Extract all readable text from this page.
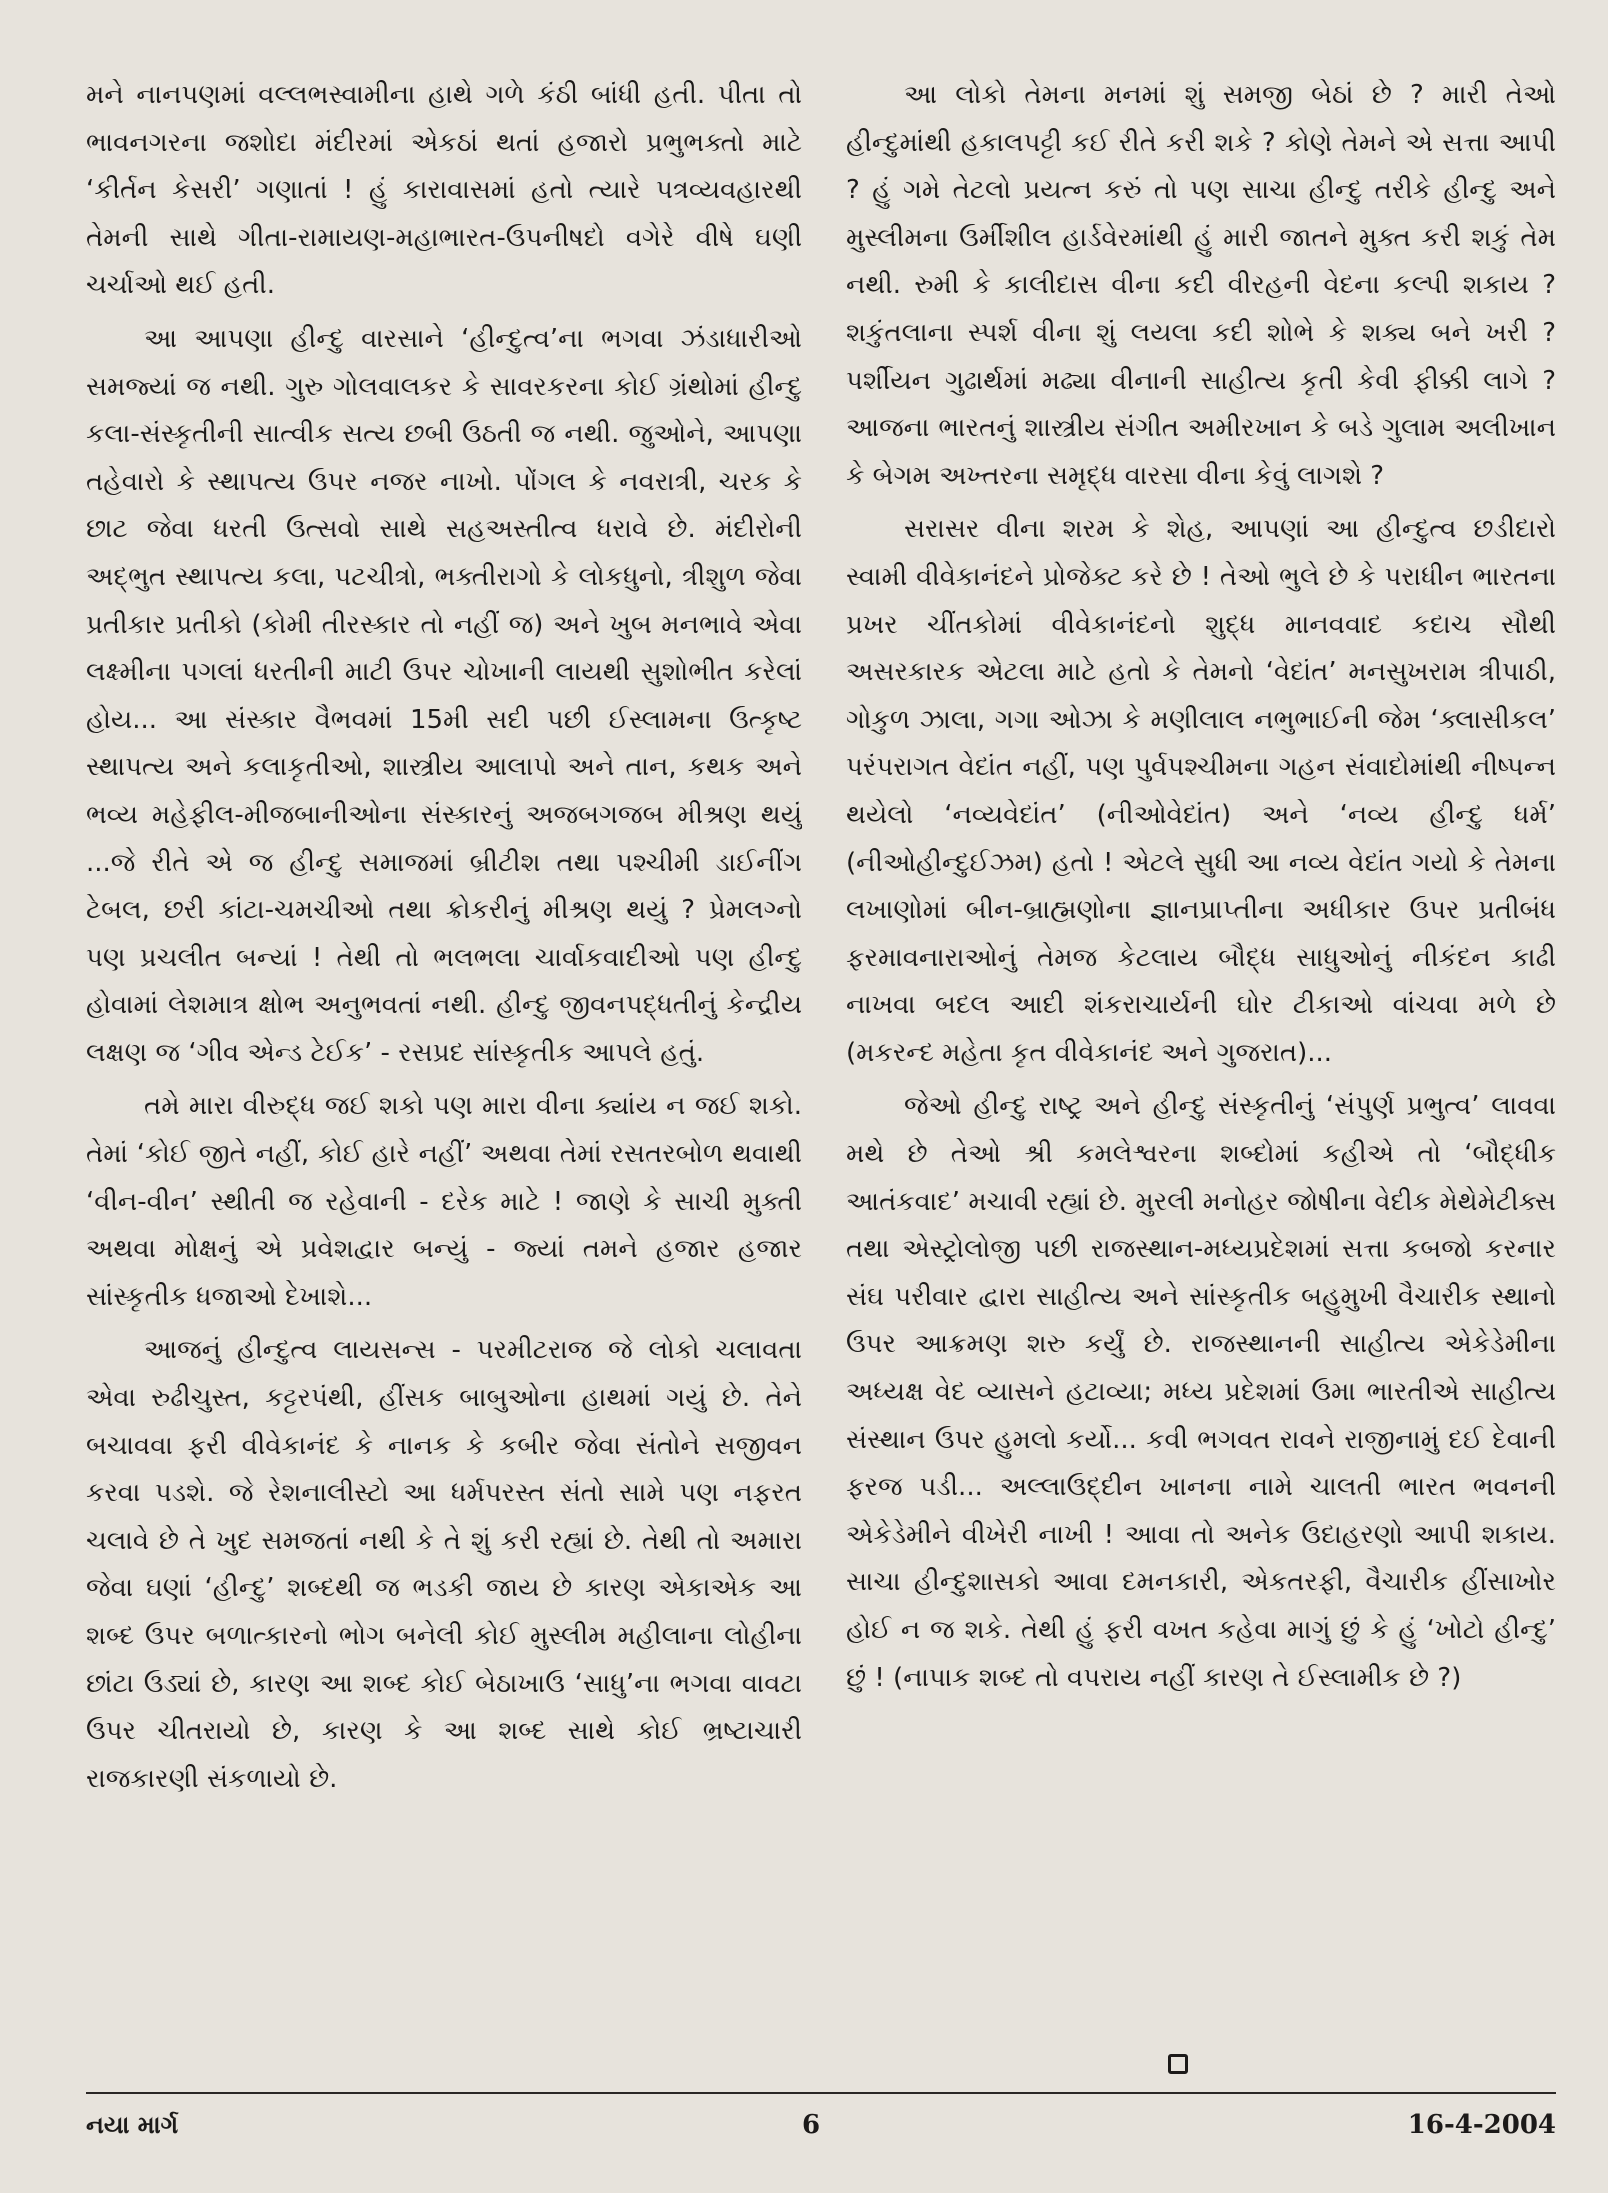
મને નાનપણમાં વલ્લભસ્વામીના હાથે ગળે કંઠી બાંધી હતી. પીતા તો ભાવનગરના જશોદા મંદીરમાં એકઠાં થતાં હજારો પ્રભુભક્તો માટે ‘કીર્તન કેસરી’ ગણાતાં ! હું કારાવાસમાં હતો ત્યારે પત્રવ્યવહારથી તેમની સાથે ગીતા-રામાયણ-મહાભારત-ઉપનીષદો વગેરે વીષે ઘણી ચર્ચાઓ થઈ હતી.

આ આપણા હીન્દુ વારસાને ‘હીન્દુત્વ’ના ભગવા ઝંડાધારીઓ સમજ્યાં જ નથી. ગુરુ ગોલવાલકર કે સાવરકરના કોઈ ગ્રંથોમાં હીન્દુ કલા-સંસ્કૃતીની સાત્વીક સત્ય છબી ઉઠતી જ નથી. જુઓને, આપણા તહેવારો કે સ્થાપત્ય ઉપર નજર નાખો. પોંગલ કે નવરાત્રી, ચરક કે છાટ જેવા ધરતી ઉત્સવો સાથે સહઅસ્તીત્વ ધરાવે છે. મંદીરોની અદ્‌ભુત સ્થાપત્ય કલા, પટચીત્રો, ભક્તીરાગો કે લોકધુનો, ત્રીશુળ જેવા પ્રતીકાર પ્રતીકો (કોમી તીરસ્કાર તો નહીં જ) અને ખુબ મનભાવે એવા લક્ષ્મીના પગલાં ધરતીની માટી ઉપર ચોખાની લાયથી સુશોભીત કરેલાં હોય... આ સંસ્કાર વૈભવમાં 15મી સદી પછી ઈસ્લામના ઉત્કૃષ્ટ સ્થાપત્ય અને કલાકૃતીઓ, શાસ્ત્રીય આલાપો અને તાન, કથક અને ભવ્ય મહેફીલ-મીજબાનીઓના સંસ્કારનું અજબગજબ મીશ્રણ થયું ...જે રીતે એ જ હીન્દુ સમાજમાં બ્રીટીશ તથા પશ્ચીમી ડાઈનીંગ ટેબલ, છરી કાંટા-ચમચીઓ તથા ક્રોકરીનું મીશ્રણ થયું ? પ્રેમલગ્નો પણ પ્રચલીત બન્યાં ! તેથી તો ભલભલા ચાર્વાકવાદીઓ પણ હીન્દુ હોવામાં લેશમાત્ર ક્ષોભ અનુભવતાં નથી. હીન્દુ જીવનપદ્ધતીનું કેન્દ્રીય લક્ષણ જ ‘ગીવ એન્ડ ટેઈક’ - રસપ્રદ સાંસ્કૃતીક આપલે હતું.

તમે મારા વીરુદ્ધ જઈ શકો પણ મારા વીના ક્યાંય ન જઈ શકો. તેમાં ‘કોઈ જીતે નહીં, કોઈ હારે નહીં’ અથવા તેમાં રસતરબોળ થવાથી ‘વીન-વીન’ સ્થીતી જ રહેવાની - દરેક માટે ! જાણે કે સાચી મુક્તી અથવા મોક્ષનું એ પ્રવેશદ્વાર બન્યું - જ્યાં તમને હજાર હજાર સાંસ્કૃતીક ધજાઓ દેખાશે...

આજનું હીન્દુત્વ લાયસન્સ - પરમીટરાજ જે લોકો ચલાવતા એવા રુઢીચુસ્ત, કટ્ટરપંથી, હીંસક બાબુઓના હાથમાં ગયું છે. તેને બચાવવા ફરી વીવેકાનંદ કે નાનક કે કબીર જેવા સંતોને સજીવન કરવા પડશે. જે રેશનાલીસ્ટો આ ધર્મપરસ્ત સંતો સામે પણ નફરત ચલાવે છે તે ખુદ સમજતાં નથી કે તે શું કરી રહ્યાં છે. તેથી તો અમારા જેવા ઘણાં ‘હીન્દુ’ શબ્દથી જ ભડકી જાય છે કારણ એકાએક આ શબ્દ ઉપર બળાત્કારનો ભોગ બનેલી કોઈ મુસ્લીમ મહીલાના લોહીના છાંટા ઉડ્યાં છે, કારણ આ શબ્દ કોઈ બેઠાખાઉ ‘સાધુ’ના ભગવા વાવટા ઉપર ચીતરાયો છે, કારણ કે આ શબ્દ સાથે કોઈ ભ્રષ્ટાચારી રાજકારણી સંકળાયો છે.

આ લોકો તેમના મનમાં શું સમજી બેઠાં છે ? મારી તેઓ હીન્દુમાંથી હકાલપટ્ટી કઈ રીતે કરી શકે ? કોણે તેમને એ સત્તા આપી ? હું ગમે તેટલો પ્રયત્ન કરું તો પણ સાચા હીન્દુ તરીકે હીન્દુ અને મુસ્લીમના ઉર્મીશીલ હાર્ડવેરમાંથી હું મારી જાતને મુક્ત કરી શકું તેમ નથી. રુમી કે કાલીદાસ વીના કદી વીરહની વેદના કલ્પી શકાય ? શકુંતલાના સ્પર્શ વીના શું લયલા કદી શોભે કે શક્ય બને ખરી ? પર્શીયન ગુઢાર્થમાં મઢ્યા વીનાની સાહીત્ય કૃતી કેવી ફીક્કી લાગે ? આજના ભારતનું શાસ્ત્રીય સંગીત અમીરખાન કે બડે ગુલામ અલીખાન કે બેગમ અખ્તરના સમૃદ્ધ વારસા વીના કેવું લાગશે ?

સરાસર વીના શરમ કે શેહ, આપણાં આ હીન્દુત્વ છડીદારો સ્વામી વીવેકાનંદને પ્રોજેક્ટ કરે છે ! તેઓ ભુલે છે કે પરાધીન ભારતના પ્રખર ચીંતકોમાં વીવેકાનંદનો શુદ્ધ માનવવાદ કદાચ સૌથી અસરકારક એટલા માટે હતો કે તેમનો ‘વેદાંત’ મનસુખરામ ત્રીપાઠી, ગોકુળ ઝાલા, ગગા ઓઝા કે મણીલાલ નભુભાઈની જેમ ‘ક્લાસીકલ’ પરંપરાગત વેદાંત નહીં, પણ પુર્વપશ્ચીમના ગહન સંવાદોમાંથી નીષ્પન્ન થયેલો ‘નવ્યવેદાંત’ (નીઓવેદાંત) અને ‘નવ્ય હીન્દુ ધર્મ’ (નીઓહીન્દુઈઝમ) હતો ! એટલે સુધી આ નવ્ય વેદાંત ગયો કે તેમના લખાણોમાં બીન-બ્રાહ્મણોના જ્ઞાનપ્રાપ્તીના અધીકાર ઉપર પ્રતીબંધ ફરમાવનારાઓનું તેમજ કેટલાય બૌદ્ધ સાધુઓનું નીકંદન કાઢી નાખવા બદલ આદી શંકરાચાર્યની ઘોર ટીકાઓ વાંચવા મળે છે (મકરન્દ મહેતા કૃત વીવેકાનંદ અને ગુજરાત)...

જેઓ હીન્દુ રાષ્ટ્ર અને હીન્દુ સંસ્કૃતીનું ‘સંપુર્ણ પ્રભુત્વ’ લાવવા મથે છે તેઓ શ્રી કમલેશ્વરના શબ્દોમાં કહીએ તો ‘બૌદ્ધીક આતંકવાદ’ મચાવી રહ્યાં છે. મુરલી મનોહર જોષીના વેદીક મેથેમેટીક્સ તથા એસ્ટ્રોલોજી પછી રાજસ્થાન-મધ્યપ્રદેશમાં સત્તા કબજો કરનાર સંઘ પરીવાર દ્વારા સાહીત્ય અને સાંસ્કૃતીક બહુમુખી વૈચારીક સ્થાનો ઉપર આક્રમણ શરુ કર્યું છે. રાજસ્થાનની સાહીત્ય એકેડેમીના અધ્યક્ષ વેદ વ્યાસને હટાવ્યા; મધ્ય પ્રદેશમાં ઉમા ભારતીએ સાહીત્ય સંસ્થાન ઉપર હુમલો કર્યો... કવી ભગવત રાવને રાજીનામું દઈ દેવાની ફરજ પડી... અલ્લાઉદ્દીન ખાનના નામે ચાલતી ભારત ભવનની એકેડેમીને વીખેરી નાખી ! આવા તો અનેક ઉદાહરણો આપી શકાય. સાચા હીન્દુશાસકો આવા દમનકારી, એકતરફી, વૈચારીક હીંસાખોર હોઈ ન જ શકે. તેથી હું ફરી વખત કહેવા માગું છું કે હું ‘ખોટો હીન્દુ’ છું ! (નાપાક શબ્દ તો વપરાય નહીં કારણ તે ઈસ્લામીક છે ?)

નયા માર્ગ	6	16-4-2004
